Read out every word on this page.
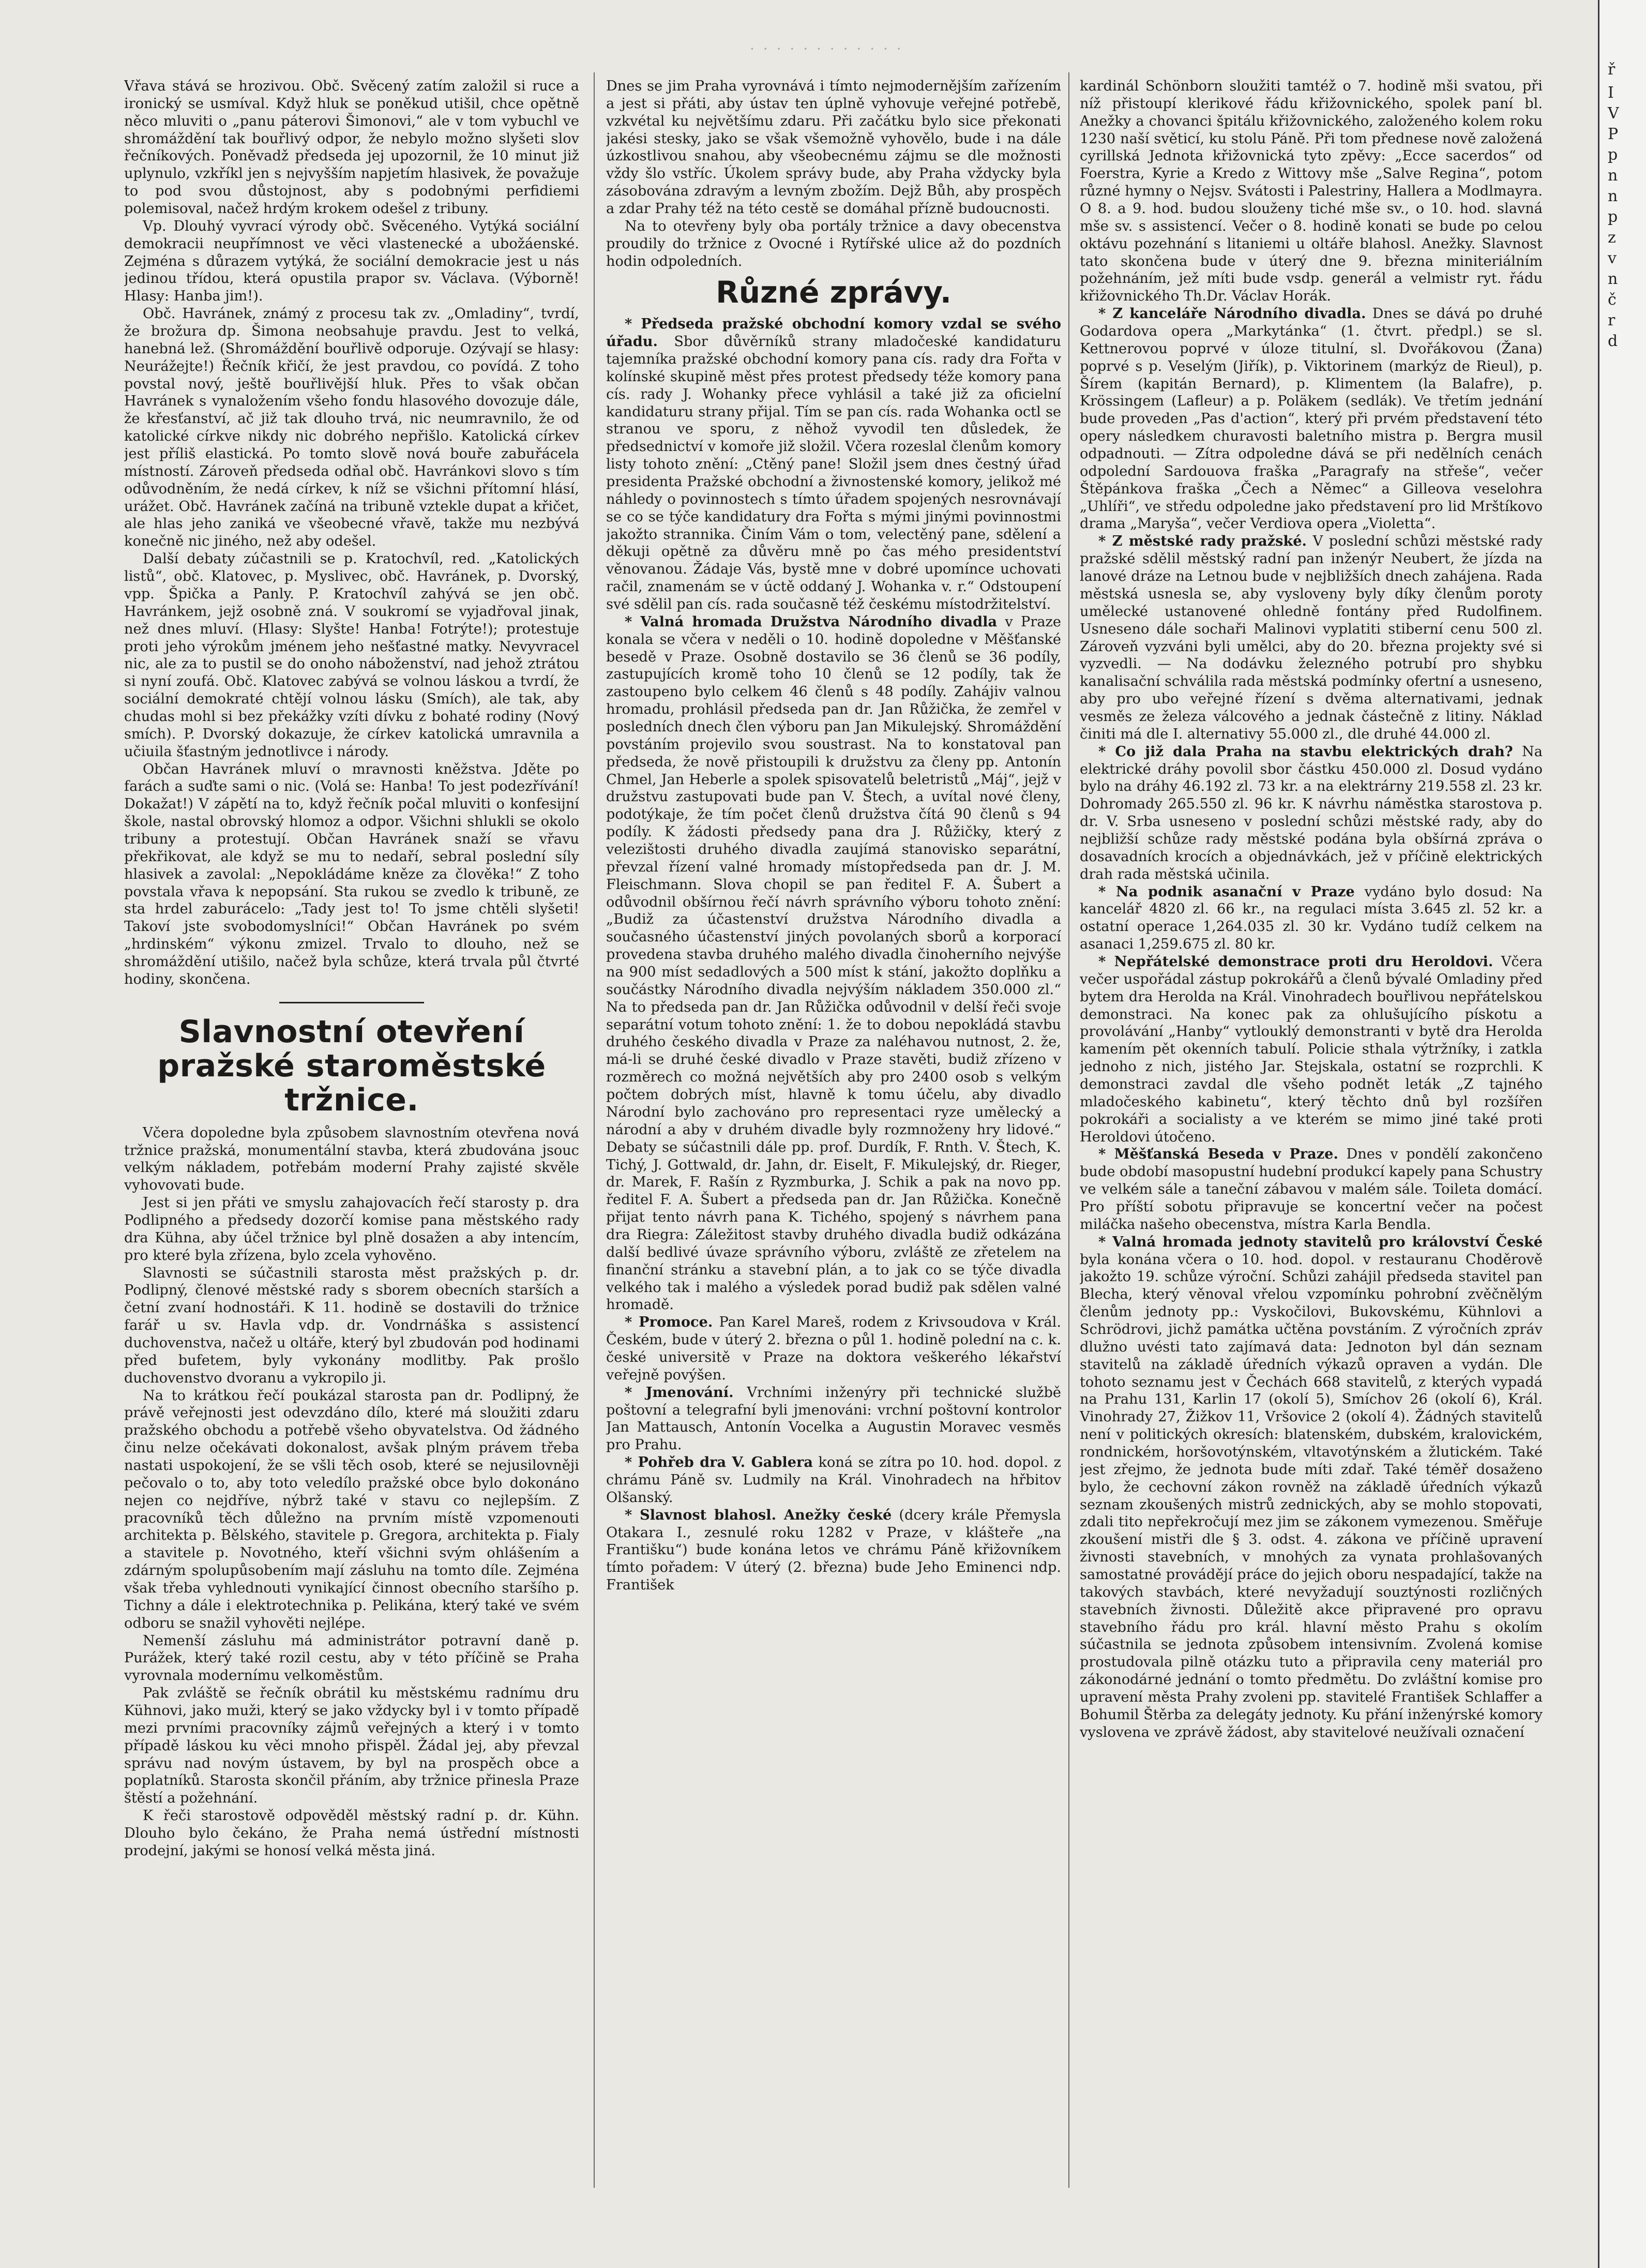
· · · · · · · · · · · ·

Vřava stává se hrozivou. Obč. Svěcený zatím založil si ruce a ironický se usmíval. Když hluk se poněkud utišil, chce opětně něco mluviti o „panu páterovi Šimonovi,“ ale v tom vybuchl ve shromáždění tak bouřlivý odpor, že nebylo možno slyšeti slov řečníkových. Poněvadž předseda jej upozornil, že 10 minut již uplynulo, vzkříkl jen s nejvyšším napjetím hlasivek, že považuje to pod svou důstojnost, aby s podobnými perfidiemi polemisoval, načež hrdým krokem odešel z tribuny.

Vp. Dlouhý vyvrací výrody obč. Svěceného. Vytýká sociální demokracii neupřímnost ve věci vlastenecké a ubožáenské. Zejména s důrazem vytýká, že sociální demokracie jest u nás jedinou třídou, která opustila prapor sv. Václava. (Výborně! Hlasy: Hanba jim!).

Obč. Havránek, známý z procesu tak zv. „Omladiny“, tvrdí, že brožura dp. Šimona neobsahuje pravdu. Jest to velká, hanebná lež. (Shromáždění bouřlivě odporuje. Ozývají se hlasy: Neurážejte!) Řečník křičí, že jest pravdou, co povídá. Z toho povstal nový, ještě bouřlivější hluk. Přes to však občan Havránek s vynaložením všeho fondu hlasového dovozuje dále, že křesťanství, ač již tak dlouho trvá, nic neumravnilo, že od katolické církve nikdy nic dobrého nepřišlo. Katolická církev jest příliš elastická. Po tomto slově nová bouře zabuřácela místností. Zároveň předseda odňal obč. Havránkovi slovo s tím odůvodněním, že nedá církev, k níž se všichni přítomní hlásí, urážet. Obč. Havránek začíná na tribuně vztekle dupat a křičet, ale hlas jeho zaniká ve všeobecné vřavě, takže mu nezbývá konečně nic jiného, než aby odešel.

Další debaty zúčastnili se p. Kratochvíl, red. „Katolických listů“, obč. Klatovec, p. Myslivec, obč. Havránek, p. Dvorský, vpp. Špička a Panly. P. Kratochvíl zahývá se jen obč. Havránkem, jejž osobně zná. V soukromí se vyjadřoval jinak, než dnes mluví. (Hlasy: Slyšte! Hanba! Fotrýte!); protestuje proti jeho výrokům jménem jeho nešťastné matky. Nevyvracel nic, ale za to pustil se do onoho náboženství, nad jehož ztrátou si nyní zoufá. Obč. Klatovec zabývá se volnou láskou a tvrdí, že sociální demokraté chtějí volnou lásku (Smích), ale tak, aby chudas mohl si bez překážky vzíti dívku z bohaté rodiny (Nový smích). P. Dvorský dokazuje, že církev katolická umravnila a učiuila šťastným jednotlivce i národy.

Občan Havránek mluví o mravnosti kněžstva. Jděte po farách a suďte sami o nic. (Volá se: Hanba! To jest podezřívání! Dokažat!) V zápětí na to, když řečník počal mluviti o konfesijní škole, nastal obrovský hlomoz a odpor. Všichni shlukli se okolo tribuny a protestují. Občan Havránek snaží se vřavu překřikovat, ale když se mu to nedaří, sebral poslední síly hlasivek a zavolal: „Nepokládáme kněze za člověka!“ Z toho povstala vřava k nepopsání. Sta rukou se zvedlo k tribuně, ze sta hrdel zaburácelo: „Tady jest to! To jsme chtěli slyšeti! Takoví jste svobodomyslníci!“ Občan Havránek po svém „hrdinském“ výkonu zmizel. Trvalo to dlouho, než se shromáždění utišilo, načež byla schůze, která trvala půl čtvrté hodiny, skončena.

Slavnostní otevření pražské staroměstské tržnice.

Včera dopoledne byla způsobem slavnostním otevřena nová tržnice pražská, monumentální stavba, která zbudována jsouc velkým nákladem, potřebám moderní Prahy zajisté skvěle vyhovovati bude.

Jest si jen přáti ve smyslu zahajovacích řečí starosty p. dra Podlipného a předsedy dozorčí komise pana městského rady dra Kühna, aby účel tržnice byl plně dosažen a aby intencím, pro které byla zřízena, bylo zcela vyhověno.

Slavnosti se súčastnili starosta měst pražských p. dr. Podlipný, členové městské rady s sborem obecních starších a četní zvaní hodnostáři. K 11. hodině se dostavili do tržnice farář u sv. Havla vdp. dr. Vondrnáška s assistencí duchovenstva, načež u oltáře, který byl zbudován pod hodinami před bufetem, byly vykonány modlitby. Pak prošlo duchovenstvo dvoranu a vykropilo ji.

Na to krátkou řečí poukázal starosta pan dr. Podlipný, že právě veřejnosti jest odevzdáno dílo, které má sloužiti zdaru pražského obchodu a potřebě všeho obyvatelstva. Od žádného činu nelze očekávati dokonalost, avšak plným právem třeba nastati uspokojení, že se všli těch osob, které se nejusilovněji pečovalo o to, aby toto veledílo pražské obce bylo dokonáno nejen co nejdříve, nýbrž také v stavu co nejlepším. Z pracovníků těch důležno na prvním místě vzpomenouti architekta p. Bělského, stavitele p. Gregora, architekta p. Fialy a stavitele p. Novotného, kteří všichni svým ohlášením a zdárným spolupůsobením mají zásluhu na tomto díle. Zejména však třeba vyhlednouti vynikající činnost obecního staršího p. Tichny a dále i elektrotechnika p. Pelikána, který také ve svém odboru se snažil vyhověti nejlépe.

Nemenší zásluhu má administrátor potravní daně p. Purážek, který také rozil cestu, aby v této příčině se Praha vyrovnala modernímu velkoměstům.

Pak zvláště se řečník obrátil ku městskému radnímu dru Kühnovi, jako muži, který se jako vždycky byl i v tomto případě mezi prvními pracovníky zájmů veřejných a který i v tomto případě láskou ku věci mnoho přispěl. Žádal jej, aby převzal správu nad novým ústavem, by byl na prospěch obce a poplatníků. Starosta skončil přáním, aby tržnice přinesla Praze štěstí a požehnání.

K řeči starostově odpověděl městský radní p. dr. Kühn. Dlouho bylo čekáno, že Praha nemá ústřední místnosti prodejní, jakými se honosí velká města jiná.

Dnes se jim Praha vyrovnává i tímto nejmodernějším zařízením a jest si přáti, aby ústav ten úplně vyhovuje veřejné potřebě, vzkvétal ku největšímu zdaru. Při začátku bylo sice překonati jakési stesky, jako se však všemožně vyhovělo, bude i na dále úzkostlivou snahou, aby všeobecnému zájmu se dle možnosti vždy šlo vstříc. Úkolem správy bude, aby Praha vždycky byla zásobována zdravým a levným zbožím. Dejž Bůh, aby prospěch a zdar Prahy též na této cestě se domáhal přízně budoucnosti.

Na to otevřeny byly oba portály tržnice a davy obecenstva proudily do tržnice z Ovocné i Rytířské ulice až do pozdních hodin odpoledních.

Různé zprávy.

* Předseda pražské obchodní komory vzdal se svého úřadu. Sbor důvěrníků strany mladočeské kandidaturu tajemníka pražské obchodní komory pana cís. rady dra Fořta v kolínské skupině měst přes protest předsedy téže komory pana cís. rady J. Wohanky přece vyhlásil a také již za oficielní kandidaturu strany přijal. Tím se pan cís. rada Wohanka octl se stranou ve sporu, z něhož vyvodil ten důsledek, že předsednictví v komoře již složil. Včera rozeslal členům komory listy tohoto znění: „Ctěný pane! Složil jsem dnes čestný úřad presidenta Pražské obchodní a živnostenské komory, jelikož mé náhledy o povinnostech s tímto úřadem spojených nesrovnávají se co se týče kandidatury dra Fořta s mými jinými povinnostmi jakožto strannika. Činím Vám o tom, velectěný pane, sdělení a děkuji opětně za důvěru mně po čas mého presidentství věnovanou. Žádaje Vás, bystě mne v dobré upomínce uchovati račil, znamenám se v úctě oddaný J. Wohanka v. r.“ Odstoupení své sdělil pan cís. rada současně též českému místodržitelství.

* Valná hromada Družstva Národního divadla v Praze konala se včera v neděli o 10. hodině dopoledne v Měšťanské besedě v Praze. Osobně dostavilo se 36 členů se 36 podíly, zastupujících kromě toho 10 členů se 12 podíly, tak že zastoupeno bylo celkem 46 členů s 48 podíly. Zahájiv valnou hromadu, prohlásil předseda pan dr. Jan Růžička, že zemřel v posledních dnech člen výboru pan Jan Mikulejský. Shromáždění povstáním projevilo svou soustrast. Na to konstatoval pan předseda, že nově přistoupili k družstvu za členy pp. Antonín Chmel, Jan Heberle a spolek spisovatelů beletristů „Máj“, jejž v družstvu zastupovati bude pan V. Štech, a uvítal nové členy, podotýkaje, že tím počet členů družstva čítá 90 členů s 94 podíly. K žádosti předsedy pana dra J. Růžičky, který z velezištosti druhého divadla zaujímá stanovisko separátní, převzal řízení valné hromady místopředseda pan dr. J. M. Fleischmann. Slova chopil se pan ředitel F. A. Šubert a odůvodnil obšírnou řečí návrh správního výboru tohoto znění: „Budiž za účastenství družstva Národního divadla a současného účastenství jiných povolaných sborů a korporací provedena stavba druhého malého divadla činoherního nejvýše na 900 míst sedadlových a 500 míst k stání, jakožto doplňku a součástky Národního divadla nejvýším nákladem 350.000 zl.“ Na to předseda pan dr. Jan Růžička odůvodnil v delší řeči svoje separátní votum tohoto znění: 1. že to dobou nepokládá stavbu druhého českého divadla v Praze za naléhavou nutnost, 2. že, má-li se druhé české divadlo v Praze stavěti, budiž zřízeno v rozměrech co možná největších aby pro 2400 osob s velkým počtem dobrých míst, hlavně k tomu účelu, aby divadlo Národní bylo zachováno pro representaci ryze umělecký a národní a aby v druhém divadle byly rozmnoženy hry lidové.“ Debaty se súčastnili dále pp. prof. Durdík, F. Rnth. V. Štech, K. Tichý, J. Gottwald, dr. Jahn, dr. Eiselt, F. Mikulejský, dr. Rieger, dr. Marek, F. Rašín z Ryzmburka, J. Schik a pak na novo pp. ředitel F. A. Šubert a předseda pan dr. Jan Růžička. Konečně přijat tento návrh pana K. Tichého, spojený s návrhem pana dra Riegra: Záležitost stavby druhého divadla budiž odkázána další bedlivé úvaze správního výboru, zvláště ze zřetelem na finanční stránku a stavební plán, a to jak co se týče divadla velkého tak i malého a výsledek porad budiž pak sdělen valné hromadě.

* Promoce. Pan Karel Mareš, rodem z Krivsoudova v Král. Českém, bude v úterý 2. března o půl 1. hodině polední na c. k. české universitě v Praze na doktora veškerého lékařství veřejně povýšen.

* Jmenování. Vrchními inženýry při technické službě poštovní a telegrafní byli jmenováni: vrchní poštovní kontrolor Jan Mattausch, Antonín Vocelka a Augustin Moravec vesměs pro Prahu.

* Pohřeb dra V. Gablera koná se zítra po 10. hod. dopol. z chrámu Páně sv. Ludmily na Král. Vinohradech na hřbitov Olšanský.

* Slavnost blahosl. Anežky české (dcery krále Přemysla Otakara I., zesnulé roku 1282 v Praze, v klášteře „na Františku“) bude konána letos ve chrámu Páně křižovníkem tímto pořadem: V úterý (2. března) bude Jeho Eminenci ndp. František

kardinál Schönborn sloužiti tamtéž o 7. hodině mši svatou, při níž přistoupí klerikové řádu křižovnického, spolek paní bl. Anežky a chovanci špitálu křižovnického, založeného kolem roku 1230 naší světicí, ku stolu Páně. Při tom přednese nově založená cyrillská Jednota křižovnická tyto zpěvy: „Ecce sacerdos“ od Foerstra, Kyrie a Kredo z Wittovy mše „Salve Regina“, potom různé hymny o Nejsv. Svátosti i Palestriny, Hallera a Modlmayra. O 8. a 9. hod. budou slouženy tiché mše sv., o 10. hod. slavná mše sv. s assistencí. Večer o 8. hodině konati se bude po celou oktávu pozehnání s litaniemi u oltáře blahosl. Anežky. Slavnost tato skončena bude v úterý dne 9. března miniteriálním požehnáním, jež míti bude vsdp. generál a velmistr ryt. řádu křižovnického Th.Dr. Václav Horák.

* Z kanceláře Národního divadla. Dnes se dává po druhé Godardova opera „Markytánka“ (1. čtvrt. předpl.) se sl. Kettnerovou poprvé v úloze titulní, sl. Dvořákovou (Žana) poprvé s p. Veselým (Jiřík), p. Viktorinem (markýz de Rieul), p. Šírem (kapitán Bernard), p. Klimentem (la Balafre), p. Krössingem (Lafleur) a p. Poläkem (sedlák). Ve třetím jednání bude proveden „Pas d'action“, který při prvém představení této opery následkem churavosti baletního mistra p. Bergra musil odpadnouti. — Zítra odpoledne dává se při nedělních cenách odpolední Sardouova fraška „Paragrafy na střeše“, večer Štěpánkova fraška „Čech a Němec“ a Gilleova veselohra „Uhlíři“, ve středu odpoledne jako představení pro lid Mrštíkovo drama „Maryša“, večer Verdiova opera „Violetta“.

* Z městské rady pražské. V poslední schůzi městské rady pražské sdělil městský radní pan inženýr Neubert, že jízda na lanové dráze na Letnou bude v nejbližších dnech zahájena. Rada městská usnesla se, aby vysloveny byly díky členům poroty umělecké ustanovené ohledně fontány před Rudolfinem. Usneseno dále sochaři Malinovi vyplatiti stiberní cenu 500 zl. Zároveň vyzváni byli umělci, aby do 20. března projekty své si vyzvedli. — Na dodávku železného potrubí pro shybku kanalisační schválila rada městská podmínky ofertní a usneseno, aby pro ubo veřejné řízení s dvěma alternativami, jednak vesměs ze železa válcového a jednak částečně z litiny. Náklad činiti má dle I. alternativy 55.000 zl., dle druhé 44.000 zl.

* Co již dala Praha na stavbu elektrických drah? Na elektrické dráhy povolil sbor částku 450.000 zl. Dosud vydáno bylo na dráhy 46.192 zl. 73 kr. a na elektrárny 219.558 zl. 23 kr. Dohromady 265.550 zl. 96 kr. K návrhu náměstka starostova p. dr. V. Srba usneseno v poslední schůzi městské rady, aby do nejbližší schůze rady městské podána byla obšírná zpráva o dosavadních krocích a objednávkách, jež v příčině elektrických drah rada městská učinila.

* Na podnik asanační v Praze vydáno bylo dosud: Na kancelář 4820 zl. 66 kr., na regulaci místa 3.645 zl. 52 kr. a ostatní operace 1,264.035 zl. 30 kr. Vydáno tudíž celkem na asanaci 1,259.675 zl. 80 kr.

* Nepřátelské demonstrace proti dru Heroldovi. Včera večer uspořádal zástup pokrokářů a členů bývalé Omladiny před bytem dra Herolda na Král. Vinohradech bouřlivou nepřátelskou demonstraci. Na konec pak za ohlušujícího pískotu a provolávání „Hanby“ vytlouklý demonstranti v bytě dra Herolda kamením pět okenních tabulí. Policie sthala výtržníky, i zatkla jednoho z nich, jistého Jar. Stejskala, ostatní se rozprchli. K demonstraci zavdal dle všeho podnět leták „Z tajného mladočeského kabinetu“, který těchto dnů byl rozšířen pokrokáři a socialisty a ve kterém se mimo jiné také proti Heroldovi útočeno.

* Měšťanská Beseda v Praze. Dnes v pondělí zakončeno bude období masopustní hudební produkcí kapely pana Schustry ve velkém sále a taneční zábavou v malém sále. Toileta domácí. Pro příští sobotu připravuje se koncertní večer na počest miláčka našeho obecenstva, místra Karla Bendla.

* Valná hromada jednoty stavitelů pro království České byla konána včera o 10. hod. dopol. v restauranu Choděrově jakožto 19. schůze výroční. Schůzi zahájil předseda stavitel pan Blecha, který věnoval vřelou vzpomínku pohrobní zvěčnělým členům jednoty pp.: Vyskočilovi, Bukovskému, Kühnlovi a Schrödrovi, jichž památka učtěna povstáním. Z výročních zpráv dlužno uvésti tato zajímavá data: Jednoton byl dán seznam stavitelů na základě úředních výkazů opraven a vydán. Dle tohoto seznamu jest v Čechách 668 stavitelů, z kterých vypadá na Prahu 131, Karlin 17 (okolí 5), Smíchov 26 (okolí 6), Král. Vinohrady 27, Žižkov 11, Vršovice 2 (okolí 4). Žádných stavitelů není v politických okresích: blatenském, dubském, kralovickém, rondnickém, horšovotýnském, vltavotýnském a žlutickém. Také jest zřejmo, že jednota bude míti zdař. Také téměř dosaženo bylo, že cechovní zákon rovněž na základě úředních výkazů seznam zkoušených mistrů zednických, aby se mohlo stopovati, zdali tito nepřekročují mez jim se zákonem vymezenou. Směřuje zkoušení mistři dle § 3. odst. 4. zákona ve příčině upravení živnosti stavebních, v mnohých za vynata prohlašovaných samostatné provádějí práce do jejich oboru nespadající, takže na takových stavbách, které nevyžadují souztýnosti rozličných stavebních živnosti. Důležitě akce připravené pro opravu stavebního řádu pro král. hlavní město Prahu s okolím súčastnila se jednota způsobem intensivním. Zvolená komise prostudovala pilně otázku tuto a připravila ceny materiál pro zákonodárné jednání o tomto předmětu. Do zvláštní komise pro upravení města Prahy zvoleni pp. stavitelé František Schlaffer a Bohumil Štěrba za delegáty jednoty. Ku přání inženýrské komory vyslovena ve zprávě žádost, aby stavitelové neužívali označení

ř
I
V
P
p
n
n
p
z
v
n
č
r
d
